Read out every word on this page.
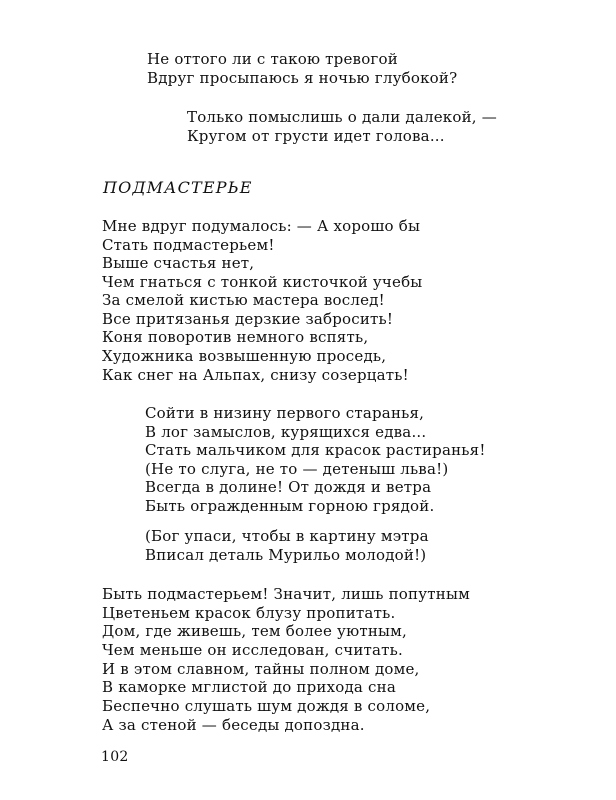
Не оттого ли с такою тревогой
Вдруг просыпаюсь я ночью глубокой?
Только помыслишь о дали далекой, —
Кругом от грусти идет голова...
ПОДМАСТЕРЬЕ
Мне вдруг подумалось: — А хорошо бы
Стать подмастерьем!
Выше счастья нет,
Чем гнаться с тонкой кисточкой учебы
За смелой кистью мастера вослед!
Все притязанья дерзкие забросить!
Коня поворотив немного вспять,
Художника возвышенную проседь,
Как снег на Альпах, снизу созерцать!
Сойти в низину первого старанья,
В лог замыслов, курящихся едва...
Стать мальчиком для красок растиранья!
(Не то слуга, не то — детеныш льва!)
Всегда в долине! От дождя и ветра
Быть огражденным горною грядой.
(Бог упаси, чтобы в картину мэтра
Вписал деталь Мурильо молодой!)
Быть подмастерьем! Значит, лишь попутным
Цветеньем красок блузу пропитать.
Дом, где живешь, тем более уютным,
Чем меньше он исследован, считать.
И в этом славном, тайны полном доме,
В каморке мглистой до прихода сна
Беспечно слушать шум дождя в соломе,
А за стеной — беседы допоздна.
102
